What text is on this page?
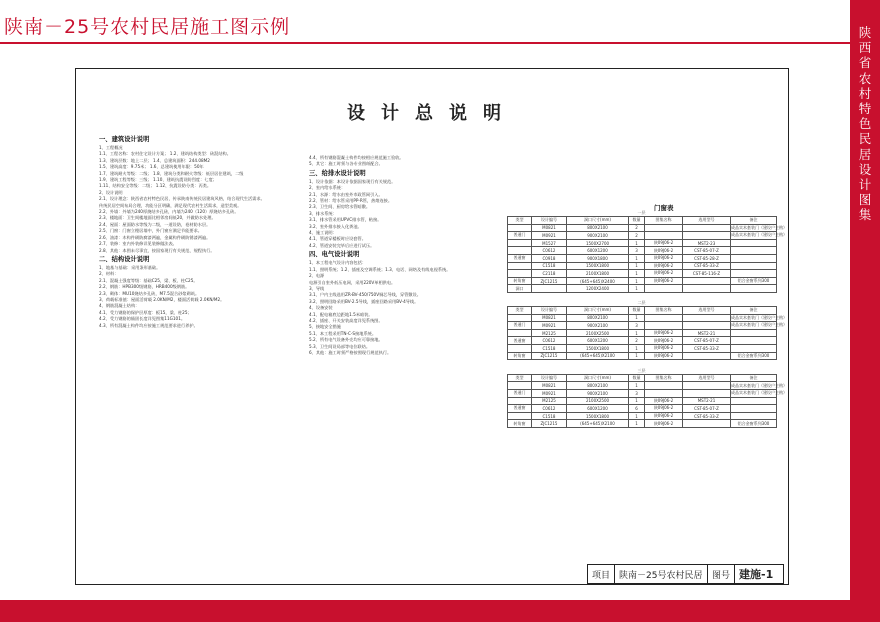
陕南－25号农村民居施工图示例	陕西省农村特色民居设计图集
设计总说明
一、建筑设计说明
1、工程概况
1.1、工程名称：农村住宅设计方案； 1.2、建筑结构类型：砖混结构。
1.3、建筑层数：地上二层； 1.4、总建筑面积：244.08M2
1.5、建筑高度：9.75米； 1.6、总建筑使用年限：50年
1.7、建筑耐火等级：二级； 1.8、建筑分类和耐火等级：低层居住建筑，二级
1.9、建筑工程等级：三级； 1.10、建筑抗震设防烈度：七度；
1.11、结构安全等级：二级； 1.12、抗震设防分类：丙类。
2、设计说明
2.1、设计理念：陕西省农村特色民居，传承陕南传统民居建筑风格，结合现代生活需求。
传统民居空间布局合理，功能分区明确，满足现代农村生活需求，造型美观。
2.2、外墙：外墙为240厚烧结多孔砖，内墙为240（120）厚烧结多孔砖。
2.3、楼地面：卫生间楼地面比相邻房间低20，并做防水处理。
2.4、屋面：屋面防水等级为二级，一道设防，卷材防水层。
2.5、门窗：门窗立樘居墙中，外门窗应满足节能要求。
2.6、油漆：木构件刷防腐漆两遍，金属构件刷防锈漆两遍。
2.7、装修：室内外装修详见装修做法表。
2.8、其他：本图未尽事宜，按国家现行有关规范、规程执行。
二、结构设计说明
1、地基与基础：采用条形基础。
2、材料：
2.1、混凝土强度等级：基础C25，梁、板、柱C25。
2.2、钢筋：HPB300级钢筋，HRB400级钢筋。
2.3、砌体：MU10烧结多孔砖，M7.5混合砂浆砌筑。
3、荷载标准值：屋面活荷载 2.0KN/M2，楼面活荷载 2.0KN/M2。
4、钢筋混凝土结构：
4.1、受力钢筋的保护层厚度：板15，梁、柱25；
4.2、受力钢筋的锚固长度详见图集11G101。
4.3、所有混凝土构件均应按施工规范要求进行养护。
4.4、所有钢筋混凝土构件均按相应规范施工验收。
5、其它：施工时须与各专业图纸配合。
三、给排水设计说明
1、设计依据：本设计依据国家现行有关规范。
2、室内给水系统：
2.1、水源：给水由室外市政管网引入。
2.2、管材：给水管采用PP-R管，热熔连接。
2.3、卫生间、厨房给水管暗敷。
3、排水系统：
3.1、排水管采用UPVC排水管，粘接。
3.2、室外排水接入化粪池。
4、施工说明：
4.1、管道穿楼板时应设套管。
4.2、管道安装完毕后应进行试压。
四、电气设计说明
1、本工程电气设计内容包括：
1.1、照明系统；1.2、插座及空调系统；1.3、电话、网络及有线电视系统。
2、电源
电源引自室外低压电网，采用220V单相供电。
3、导线
3.1、户内主线选用ZR-BV-450/750V铜芯导线，穿管敷设。
3.2、照明回路采用BV-2.5导线，插座回路采用BV-4导线。
4、设备安装
4.1、配电箱底边距地1.5米暗装。
4.2、插座、开关安装高度详见系统图。
5、接地安全措施
5.1、本工程采用TN-C-S接地系统。
5.2、所有电气设备外壳均应可靠接地。
5.3、卫生间设局部等电位联结。
6、其他：施工时须严格按照现行规范执行。
门窗表
一层
类型	设计编号	洞口尺寸(mm)	数量	图集名称	选用型号	备注
	M0821	800X2100	2			成品实木套装门（建设户主购）
普通门	M0921	900X2100	2			成品实木套装门（建设户主购）
	M1527	1500X2700	1	陕09J06-2	MST2-23	
	C0612	600X1200	3	陕09J06-2	CST-85-07-Z	
普通窗	C0918	900X1800	1	陕09J06-2	CST-85-28-Z	
	C1518	1500X1800	1	陕09J06-2	CST-85-33-Z	
	C2118	2100X1800	1	陕09J06-2	CST-85-116-Z	
转角窗	ZJC1215	(645+645)X2400	1	陕09J06-2		铝合金窗系列300
洞口		1200X2400	1			
二层
类型	设计编号	洞口尺寸(mm)	数量	图集名称	选用型号	备注
	M0821	800X2100	1			成品实木套装门（建设户主购）
普通门	M0921	900X2100	3			成品实木套装门（建设户主购）
	M2125	2100X2500	1	陕09J06-2	MST2-21	
普通窗	C0612	600X1200	2	陕09J06-2	CST-85-07-Z	
	C1518	1500X1800	1	陕09J06-2	CST-85-33-Z	
转角窗	ZJC1215	(645+645)X2100	1	陕09J06-2		铝合金窗系列300
三层
类型	设计编号	洞口尺寸(mm)	数量	图集名称	选用型号	备注
	M0821	800X2100	1			成品实木套装门（建设户主购）
普通门	M0921	900X2100	3			成品实木套装门（建设户主购）
	M2125	2100X2500	1	陕09J06-2	MST2-21	
普通窗	C0612	600X1200	6	陕09J06-2	CST-85-07-Z	
	C1518	1500X1800	1	陕09J06-2	CST-85-33-Z	
转角窗	ZJC1215	(645+645)X2100	1	陕09J06-2		铝合金窗系列300
项目	陕南－25号农村民居	图号	建施-1
